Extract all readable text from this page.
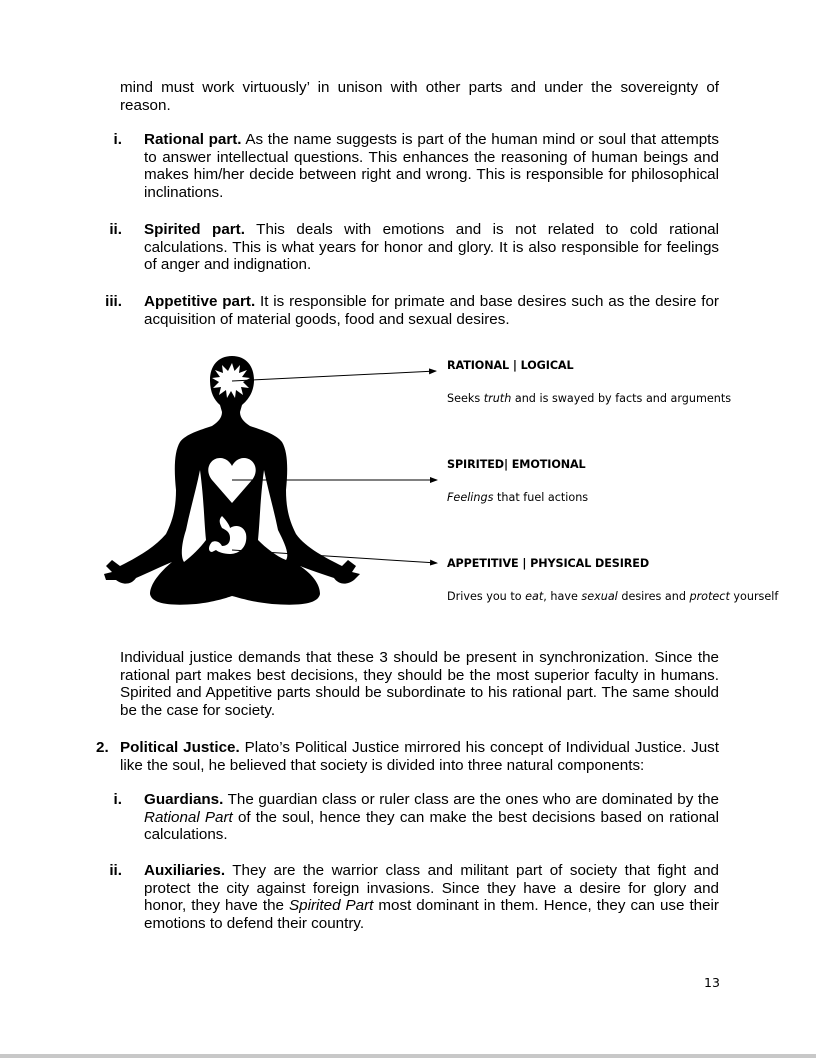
mind must work virtuously’ in unison with other parts and under the sovereignty of reason.
i. Rational part. As the name suggests is part of the human mind or soul that attempts to answer intellectual questions. This enhances the reasoning of human beings and makes him/her decide between right and wrong. This is responsible for philosophical inclinations.
ii. Spirited part. This deals with emotions and is not related to cold rational calculations. This is what years for honor and glory. It is also responsible for feelings of anger and indignation.
iii. Appetitive part. It is responsible for primate and base desires such as the desire for acquisition of material goods, food and sexual desires.
RATIONAL | LOGICAL
Seeks truth and is swayed by facts and arguments
SPIRITED| EMOTIONAL
Feelings that fuel actions
APPETITIVE | PHYSICAL DESIRED
Drives you to eat, have sexual desires and protect yourself
Individual justice demands that these 3 should be present in synchronization. Since the rational part makes best decisions, they should be the most superior faculty in humans. Spirited and Appetitive parts should be subordinate to his rational part. The same should be the case for society.
2. Political Justice. Plato’s Political Justice mirrored his concept of Individual Justice. Just like the soul, he believed that society is divided into three natural components:
i. Guardians. The guardian class or ruler class are the ones who are dominated by the Rational Part of the soul, hence they can make the best decisions based on rational calculations.
ii. Auxiliaries. They are the warrior class and militant part of society that fight and protect the city against foreign invasions. Since they have a desire for glory and honor, they have the Spirited Part most dominant in them. Hence, they can use their emotions to defend their country.
13
